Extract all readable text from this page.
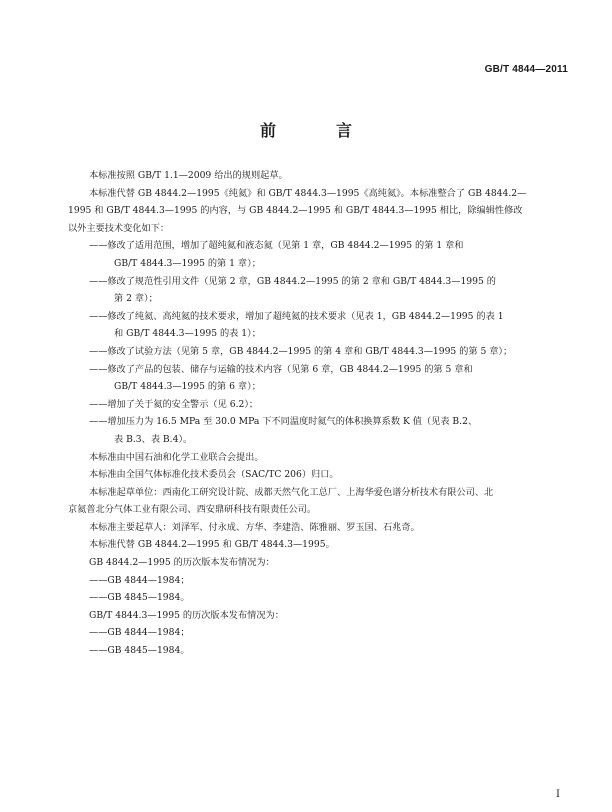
GB/T 4844—2011
前　言
本标准按照 GB/T 1.1—2009 给出的规则起草。
本标准代替 GB 4844.2—1995《纯氦》和 GB/T 4844.3—1995《高纯氦》。本标准整合了 GB 4844.2—
1995 和 GB/T 4844.3—1995 的内容，与 GB 4844.2—1995 和 GB/T 4844.3—1995 相比，除编辑性修改
以外主要技术变化如下：
——修改了适用范围，增加了超纯氦和液态氦（见第 1 章，GB 4844.2—1995 的第 1 章和
GB/T 4844.3—1995 的第 1 章）；
——修改了规范性引用文件（见第 2 章，GB 4844.2—1995 的第 2 章和 GB/T 4844.3—1995 的
第 2 章）；
——修改了纯氦、高纯氦的技术要求，增加了超纯氦的技术要求（见表 1，GB 4844.2—1995 的表 1
和 GB/T 4844.3—1995 的表 1）；
——修改了试验方法（见第 5 章，GB 4844.2—1995 的第 4 章和 GB/T 4844.3—1995 的第 5 章）；
——修改了产品的包装、储存与运输的技术内容（见第 6 章，GB 4844.2—1995 的第 5 章和
GB/T 4844.3—1995 的第 6 章）；
——增加了关于氦的安全警示（见 6.2）；
——增加压力为 16.5 MPa 至 30.0 MPa 下不同温度时氦气的体积换算系数 K 值（见表 B.2、
表 B.3、表 B.4）。
本标准由中国石油和化学工业联合会提出。
本标准由全国气体标准化技术委员会（SAC/TC 206）归口。
本标准起草单位：西南化工研究设计院、成都天然气化工总厂、上海华爱色谱分析技术有限公司、北
京氦普北分气体工业有限公司、西安鼎研科技有限责任公司。
本标准主要起草人：刘泽军、付永成、方华、李建浩、陈雅丽、罗玉国、石兆奇。
本标准代替 GB 4844.2—1995 和 GB/T 4844.3—1995。
GB 4844.2—1995 的历次版本发布情况为：
——GB 4844—1984；
——GB 4845—1984。
GB/T 4844.3—1995 的历次版本发布情况为：
——GB 4844—1984；
——GB 4845—1984。
I
